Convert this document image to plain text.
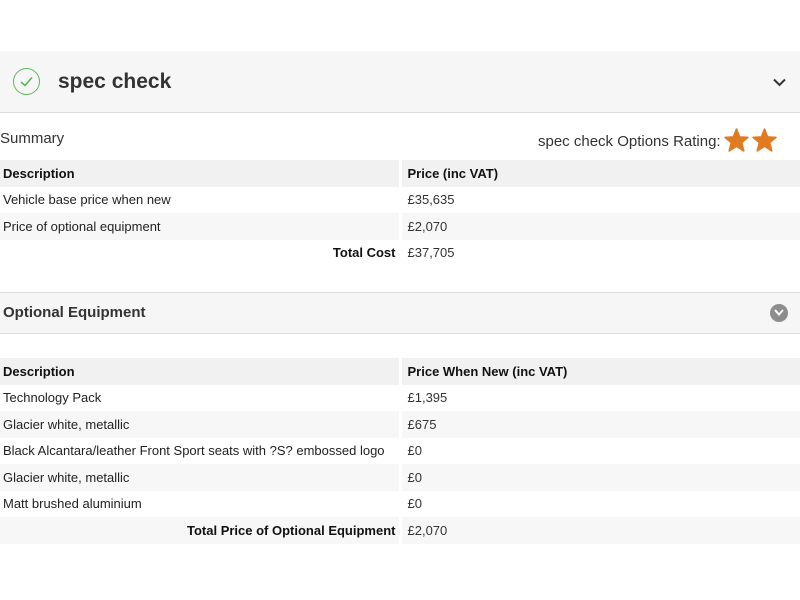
spec check
Summary	spec check Options Rating:
Description	Price (inc VAT)
Vehicle base price when new	£35,635
Price of optional equipment	£2,070
Total Cost	£37,705
Optional Equipment
Description	Price When New (inc VAT)
Technology Pack	£1,395
Glacier white, metallic	£675
Black Alcantara/leather Front Sport seats with ?S? embossed logo	£0
Glacier white, metallic	£0
Matt brushed aluminium	£0
Total Price of Optional Equipment	£2,070
